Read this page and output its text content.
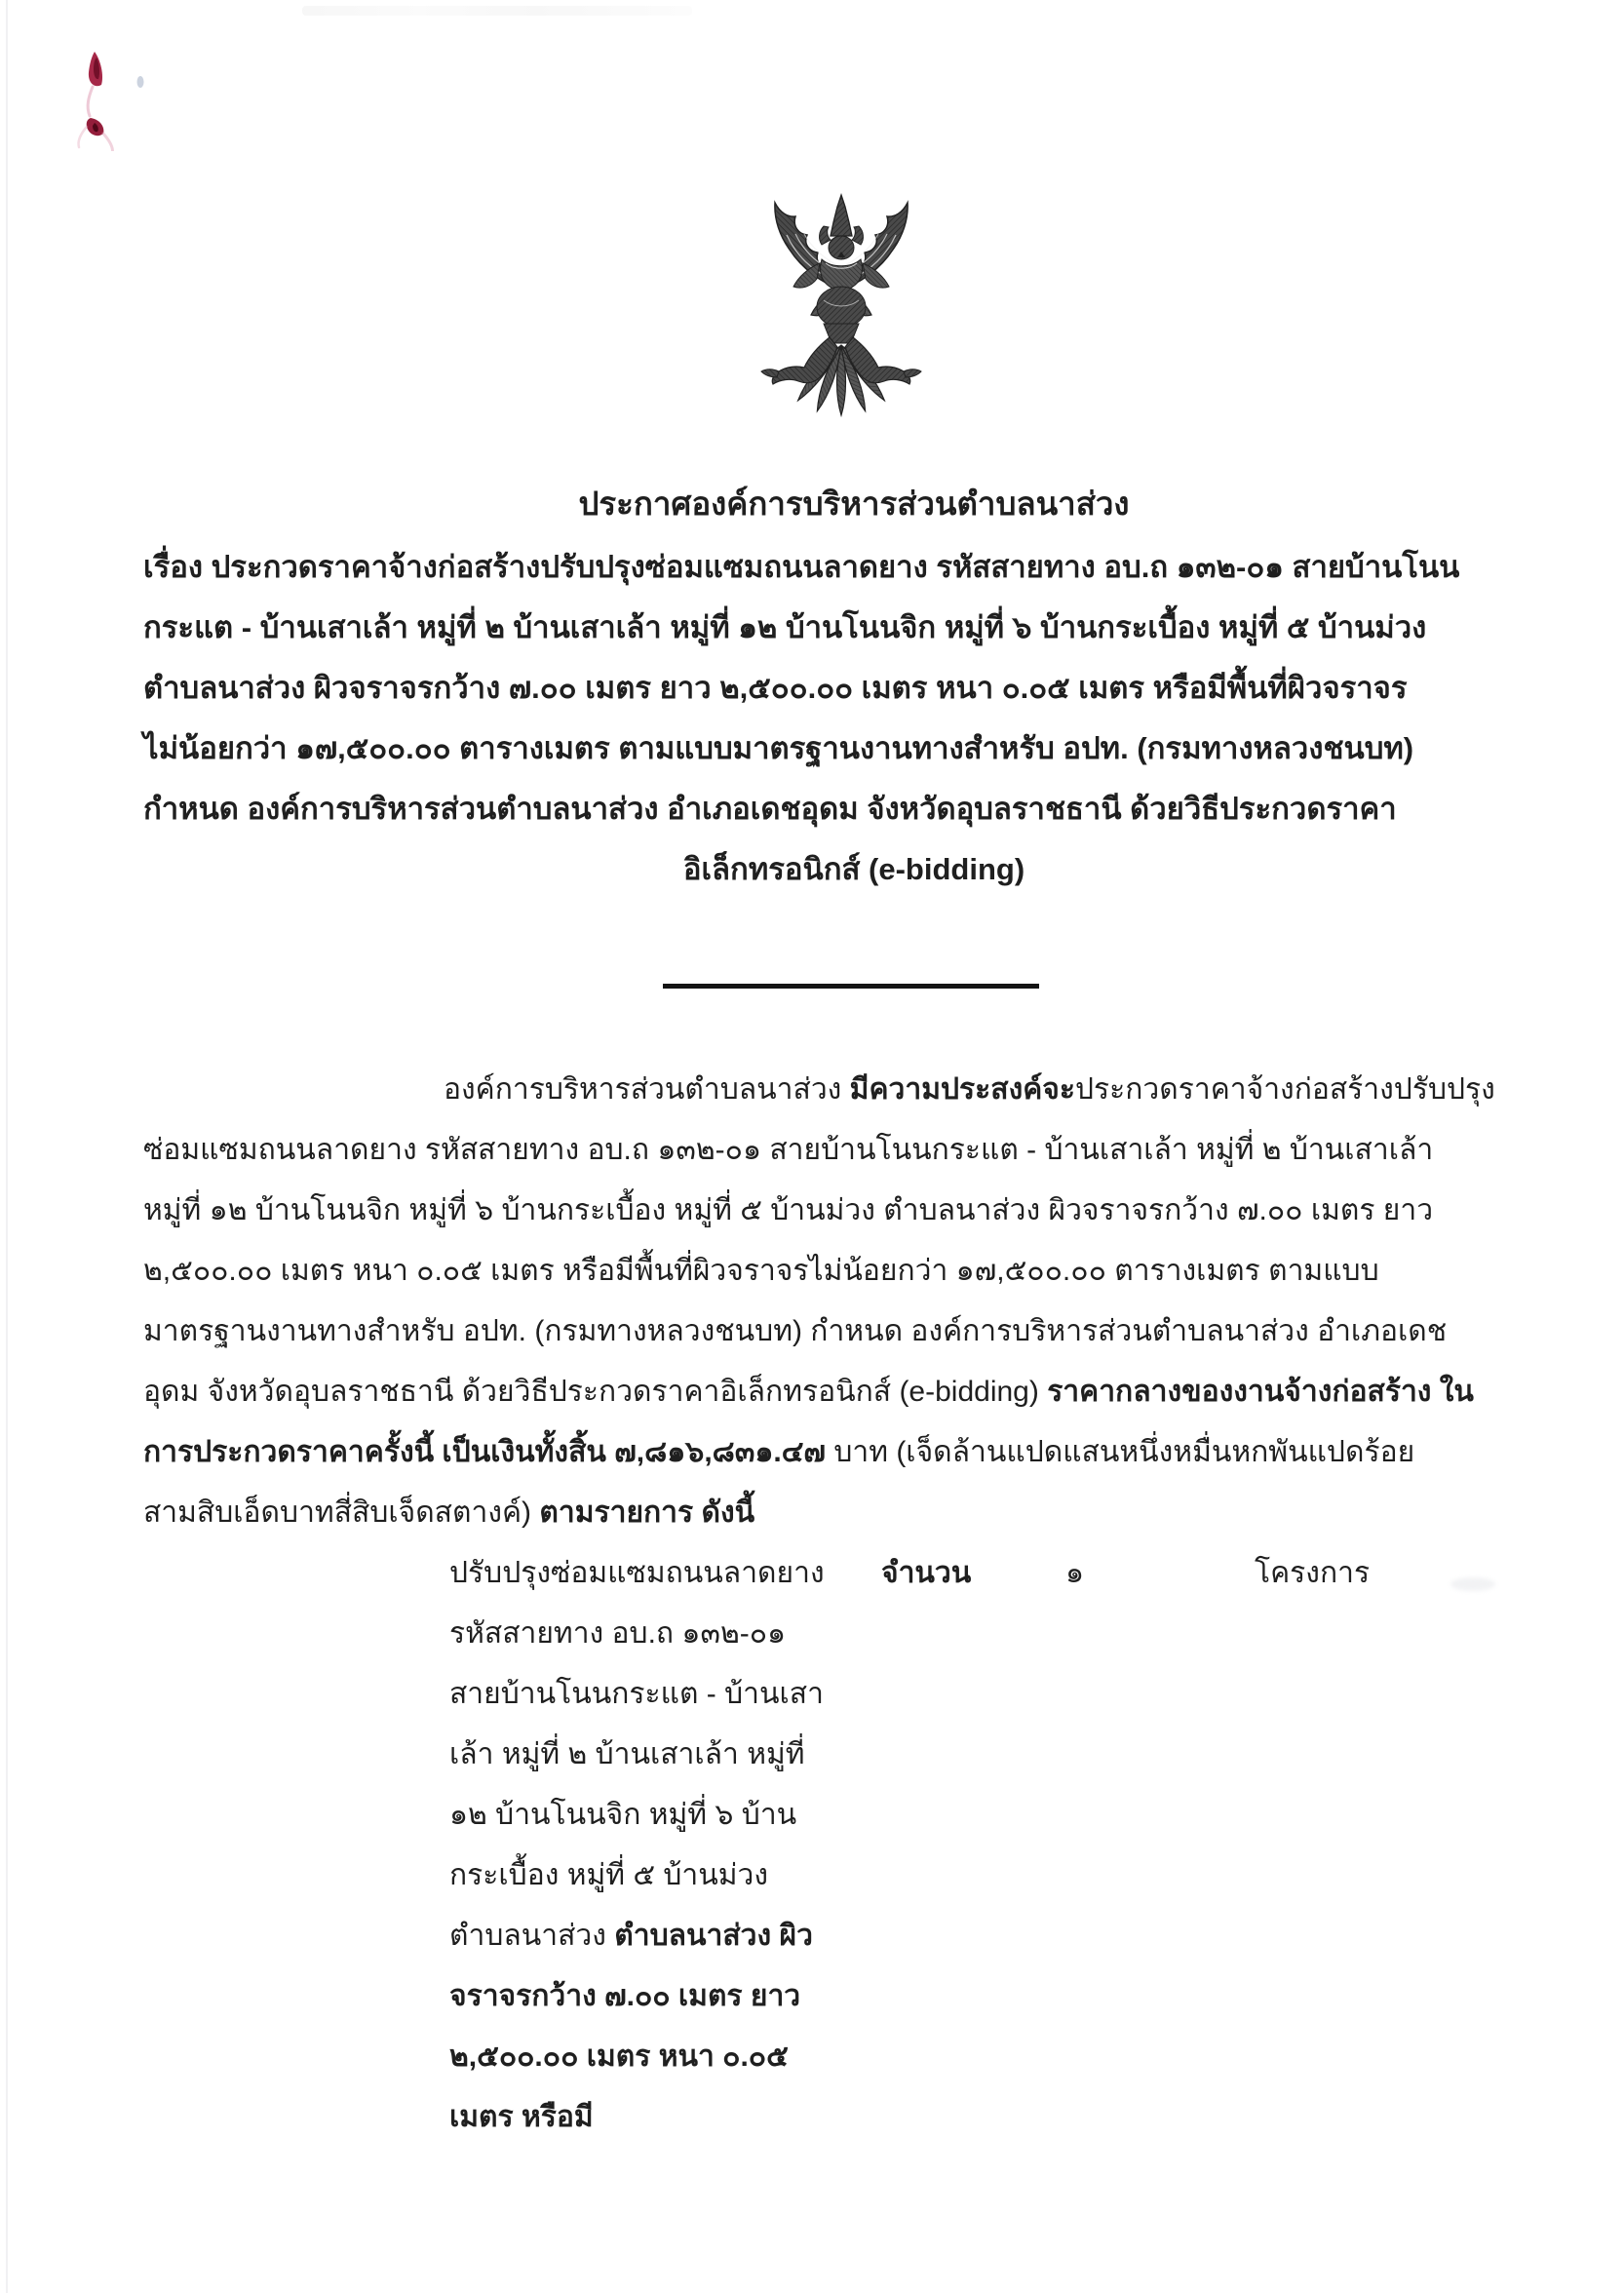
ประกาศองค์การบริหารส่วนตำบลนาส่วง
เรื่อง ประกวดราคาจ้างก่อสร้างปรับปรุงซ่อมแซมถนนลาดยาง รหัสสายทาง อบ.ถ ๑๓๒-๐๑ สายบ้านโนน
กระแต - บ้านเสาเล้า หมู่ที่ ๒ บ้านเสาเล้า หมู่ที่ ๑๒ บ้านโนนจิก หมู่ที่ ๖ บ้านกระเบื้อง หมู่ที่ ๕ บ้านม่วง
ตำบลนาส่วง ผิวจราจรกว้าง ๗.๐๐ เมตร ยาว ๒,๕๐๐.๐๐ เมตร หนา ๐.๐๕ เมตร หรือมีพื้นที่ผิวจราจร
ไม่น้อยกว่า ๑๗,๕๐๐.๐๐ ตารางเมตร ตามแบบมาตรฐานงานทางสำหรับ อปท. (กรมทางหลวงชนบท)
กำหนด องค์การบริหารส่วนตำบลนาส่วง อำเภอเดชอุดม จังหวัดอุบลราชธานี ด้วยวิธีประกวดราคา
อิเล็กทรอนิกส์ (e-bidding)
องค์การบริหารส่วนตำบลนาส่วง มีความประสงค์จะประกวดราคาจ้างก่อสร้างปรับปรุง
ซ่อมแซมถนนลาดยาง รหัสสายทาง อบ.ถ ๑๓๒-๐๑ สายบ้านโนนกระแต - บ้านเสาเล้า หมู่ที่ ๒ บ้านเสาเล้า
หมู่ที่ ๑๒ บ้านโนนจิก หมู่ที่ ๖ บ้านกระเบื้อง หมู่ที่ ๕ บ้านม่วง ตำบลนาส่วง ผิวจราจรกว้าง ๗.๐๐ เมตร ยาว
๒,๕๐๐.๐๐ เมตร หนา ๐.๐๕ เมตร หรือมีพื้นที่ผิวจราจรไม่น้อยกว่า ๑๗,๕๐๐.๐๐ ตารางเมตร ตามแบบ
มาตรฐานงานทางสำหรับ อปท. (กรมทางหลวงชนบท) กำหนด องค์การบริหารส่วนตำบลนาส่วง อำเภอเดช
อุดม จังหวัดอุบลราชธานี ด้วยวิธีประกวดราคาอิเล็กทรอนิกส์ (e-bidding) ราคากลางของงานจ้างก่อสร้าง ใน
การประกวดราคาครั้งนี้ เป็นเงินทั้งสิ้น ๗,๘๑๖,๘๓๑.๔๗ บาท (เจ็ดล้านแปดแสนหนึ่งหมื่นหกพันแปดร้อย
สามสิบเอ็ดบาทสี่สิบเจ็ดสตางค์) ตามรายการ ดังนี้
ปรับปรุงซ่อมแซมถนนลาดยาง จำนวน	๑	โครงการ
รหัสสายทาง อบ.ถ ๑๓๒-๐๑
สายบ้านโนนกระแต - บ้านเสา
เล้า หมู่ที่ ๒ บ้านเสาเล้า หมู่ที่
๑๒ บ้านโนนจิก หมู่ที่ ๖ บ้าน
กระเบื้อง หมู่ที่ ๕ บ้านม่วง
ตำบลนาส่วง ตำบลนาส่วง ผิว
จราจรกว้าง ๗.๐๐ เมตร ยาว
๒,๕๐๐.๐๐ เมตร หนา ๐.๐๕
เมตร หรือมี
